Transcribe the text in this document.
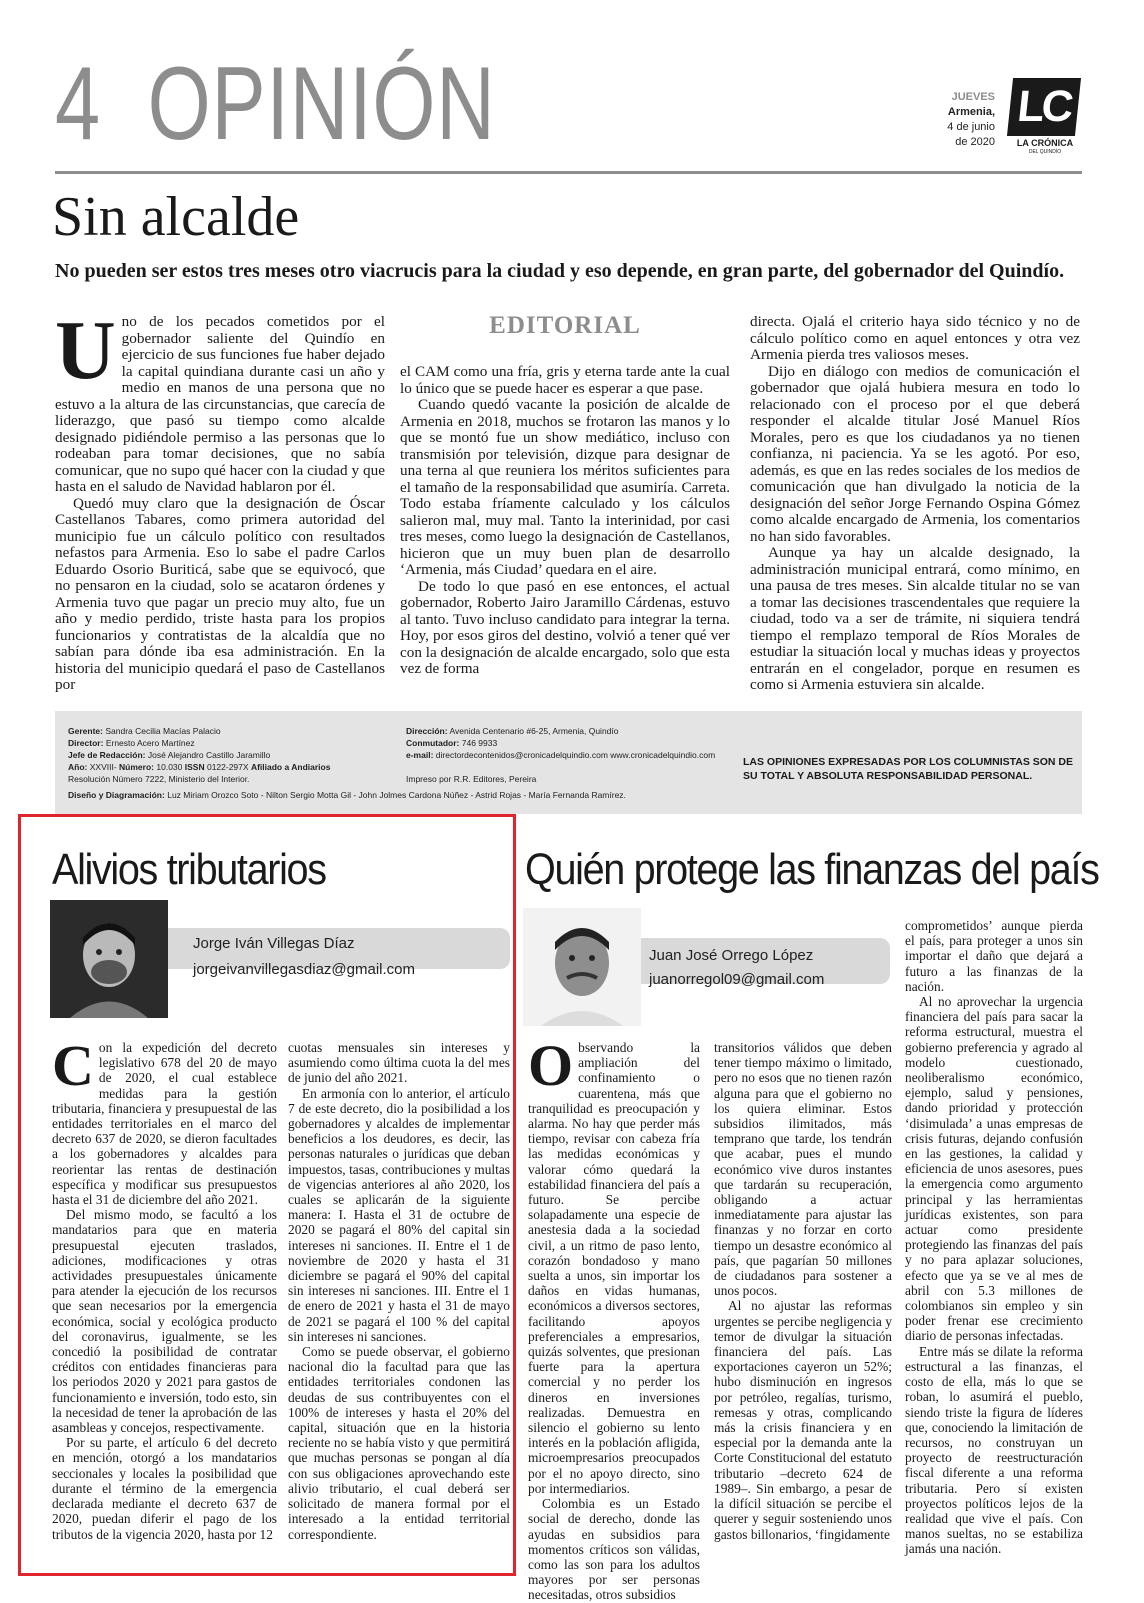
4 OPINIÓN	JUEVES
Armenia,
4 de junio
de 2020
LC
LA CRÓNICA
DEL QUINDÍO
Sin alcalde
No pueden ser estos tres meses otro viacrucis para la ciudad y eso depende, en gran parte, del gobernador del Quindío.

Uno de los pecados cometidos por el gobernador saliente del Quindío en ejercicio de sus funciones fue haber dejado la capital quindiana durante casi un año y medio en manos de una persona que no estuvo a la altura de las circunstancias, que carecía de liderazgo, que pasó su tiempo como alcalde designado pidiéndole permiso a las personas que lo rodeaban para tomar decisiones, que no sabía comunicar, que no supo qué hacer con la ciudad y que hasta en el saludo de Navidad hablaron por él.

Quedó muy claro que la designación de Óscar Castellanos Tabares, como primera autoridad del municipio fue un cálculo político con resultados nefastos para Armenia. Eso lo sabe el padre Carlos Eduardo Osorio Buriticá, sabe que se equivocó, que no pensaron en la ciudad, solo se acataron órdenes y Armenia tuvo que pagar un precio muy alto, fue un año y medio perdido, triste hasta para los propios funcionarios y contratistas de la alcaldía que no sabían para dónde iba esa administración. En la historia del municipio quedará el paso de Castellanos por

EDITORIAL

el CAM como una fría, gris y eterna tarde ante la cual lo único que se puede hacer es esperar a que pase.

Cuando quedó vacante la posición de alcalde de Armenia en 2018, muchos se frotaron las manos y lo que se montó fue un show mediático, incluso con transmisión por televisión, dizque para designar de una terna al que reuniera los méritos suficientes para el tamaño de la responsabilidad que asumiría. Carreta. Todo estaba fríamente calculado y los cálculos salieron mal, muy mal. Tanto la interinidad, por casi tres meses, como luego la designación de Castellanos, hicieron que un muy buen plan de desarrollo ‘Armenia, más Ciudad’ quedara en el aire.

De todo lo que pasó en ese entonces, el actual gobernador, Roberto Jairo Jaramillo Cárdenas, estuvo al tanto. Tuvo incluso candidato para integrar la terna. Hoy, por esos giros del destino, volvió a tener qué ver con la designación de alcalde encargado, solo que esta vez de forma

directa. Ojalá el criterio haya sido técnico y no de cálculo político como en aquel entonces y otra vez Armenia pierda tres valiosos meses.

Dijo en diálogo con medios de comunicación el gobernador que ojalá hubiera mesura en todo lo relacionado con el proceso por el que deberá responder el alcalde titular José Manuel Ríos Morales, pero es que los ciudadanos ya no tienen confianza, ni paciencia. Ya se les agotó. Por eso, además, es que en las redes sociales de los medios de comunicación que han divulgado la noticia de la designación del señor Jorge Fernando Ospina Gómez como alcalde encargado de Armenia, los comentarios no han sido favorables.

Aunque ya hay un alcalde designado, la administración municipal entrará, como mínimo, en una pausa de tres meses. Sin alcalde titular no se van a tomar las decisiones trascendentales que requiere la ciudad, todo va a ser de trámite, ni siquiera tendrá tiempo el remplazo temporal de Ríos Morales de estudiar la situación local y muchas ideas y proyectos entrarán en el congelador, porque en resumen es como si Armenia estuviera sin alcalde.

Gerente: Sandra Cecilia Macías Palacio
Director: Ernesto Acero Martínez
Jefe de Redacción: José Alejandro Castillo Jaramillo
Año: XXVIII- Número: 10.030 ISSN 0122-297X Afiliado a Andiarios
Resolución Número 7222, Ministerio del Interior.
Diseño y Diagramación: Luz Miriam Orozco Soto - Nilton Sergio Motta Gil - John Jolmes Cardona Núñez - Astrid Rojas - María Fernanda Ramírez.
Dirección: Avenida Centenario #6-25, Armenia, Quindío
Conmutador: 746 9933
e-mail: directordecontenidos@cronicadelquindio.com www.cronicadelquindio.com
Impreso por R.R. Editores, Pereira
LAS OPINIONES EXPRESADAS POR LOS COLUMNISTAS SON DE SU TOTAL Y ABSOLUTA RESPONSABILIDAD PERSONAL.
Alivios tributarios
Jorge Iván Villegas Díaz
jorgeivanvillegasdiaz@gmail.com

Con la expedición del decreto legislativo 678 del 20 de mayo de 2020, el cual establece medidas para la gestión tributaria, financiera y presupuestal de las entidades territoriales en el marco del decreto 637 de 2020, se dieron facultades a los gobernadores y alcaldes para reorientar las rentas de destinación específica y modificar sus presupuestos hasta el 31 de diciembre del año 2021.

Del mismo modo, se facultó a los mandatarios para que en materia presupuestal ejecuten traslados, adiciones, modificaciones y otras actividades presupuestales únicamente para atender la ejecución de los recursos que sean necesarios por la emergencia económica, social y ecológica producto del coronavirus, igualmente, se les concedió la posibilidad de contratar créditos con entidades financieras para los periodos 2020 y 2021 para gastos de funcionamiento e inversión, todo esto, sin la necesidad de tener la aprobación de las asambleas y concejos, respectivamente.

Por su parte, el artículo 6 del decreto en mención, otorgó a los mandatarios seccionales y locales la posibilidad que durante el término de la emergencia declarada mediante el decreto 637 de 2020, puedan diferir el pago de los tributos de la vigencia 2020, hasta por 12

cuotas mensuales sin intereses y asumiendo como última cuota la del mes de junio del año 2021.

En armonía con lo anterior, el artículo 7 de este decreto, dio la posibilidad a los gobernadores y alcaldes de implementar beneficios a los deudores, es decir, las personas naturales o jurídicas que deban impuestos, tasas, contribuciones y multas de vigencias anteriores al año 2020, los cuales se aplicarán de la siguiente manera: I. Hasta el 31 de octubre de 2020 se pagará el 80% del capital sin intereses ni sanciones. II. Entre el 1 de noviembre de 2020 y hasta el 31 diciembre se pagará el 90% del capital sin intereses ni sanciones. III. Entre el 1 de enero de 2021 y hasta el 31 de mayo de 2021 se pagará el 100 % del capital sin intereses ni sanciones.

Como se puede observar, el gobierno nacional dio la facultad para que las entidades territoriales condonen las deudas de sus contribuyentes con el 100% de intereses y hasta el 20% del capital, situación que en la historia reciente no se había visto y que permitirá que muchas personas se pongan al día con sus obligaciones aprovechando este alivio tributario, el cual deberá ser solicitado de manera formal por el interesado a la entidad territorial correspondiente.

Quién protege las finanzas del país
Juan José Orrego López
juanorregol09@gmail.com

Observando la ampliación del confinamiento o cuarentena, más que tranquilidad es preocupación y alarma. No hay que perder más tiempo, revisar con cabeza fría las medidas económicas y valorar cómo quedará la estabilidad financiera del país a futuro. Se percibe solapadamente una especie de anestesia dada a la sociedad civil, a un ritmo de paso lento, corazón bondadoso y mano suelta a unos, sin importar los daños en vidas humanas, económicos a diversos sectores, facilitando apoyos preferenciales a empresarios, quizás solventes, que presionan fuerte para la apertura comercial y no perder los dineros en inversiones realizadas. Demuestra en silencio el gobierno su lento interés en la población afligida, microempresarios preocupados por el no apoyo directo, sino por intermediarios.

Colombia es un Estado social de derecho, donde las ayudas en subsidios para momentos críticos son válidas, como las son para los adultos mayores por ser personas necesitadas, otros subsidios

transitorios válidos que deben tener tiempo máximo o limitado, pero no esos que no tienen razón alguna para que el gobierno no los quiera eliminar. Estos subsidios ilimitados, más temprano que tarde, los tendrán que acabar, pues el mundo económico vive duros instantes que tardarán su recuperación, obligando a actuar inmediatamente para ajustar las finanzas y no forzar en corto tiempo un desastre económico al país, que pagarían 50 millones de ciudadanos para sostener a unos pocos.

Al no ajustar las reformas urgentes se percibe negligencia y temor de divulgar la situación financiera del país. Las exportaciones cayeron un 52%; hubo disminución en ingresos por petróleo, regalías, turismo, remesas y otras, complicando más la crisis financiera y en especial por la demanda ante la Corte Constitucional del estatuto tributario –decreto 624 de 1989–. Sin embargo, a pesar de la difícil situación se percibe el querer y seguir sosteniendo unos gastos billonarios, ‘fingidamente

comprometidos’ aunque pierda el país, para proteger a unos sin importar el daño que dejará a futuro a las finanzas de la nación.

Al no aprovechar la urgencia financiera del país para sacar la reforma estructural, muestra el gobierno preferencia y agrado al modelo cuestionado, neoliberalismo económico, ejemplo, salud y pensiones, dando prioridad y protección ‘disimulada’ a unas empresas de crisis futuras, dejando confusión en las gestiones, la calidad y eficiencia de unos asesores, pues la emergencia como argumento principal y las herramientas jurídicas existentes, son para actuar como presidente protegiendo las finanzas del país y no para aplazar soluciones, efecto que ya se ve al mes de abril con 5.3 millones de colombianos sin empleo y sin poder frenar ese crecimiento diario de personas infectadas.

Entre más se dilate la reforma estructural a las finanzas, el costo de ella, más lo que se roban, lo asumirá el pueblo, siendo triste la figura de líderes que, conociendo la limitación de recursos, no construyan un proyecto de reestructuración fiscal diferente a una reforma tributaria. Pero sí existen proyectos políticos lejos de la realidad que vive el país. Con manos sueltas, no se estabiliza jamás una nación.
